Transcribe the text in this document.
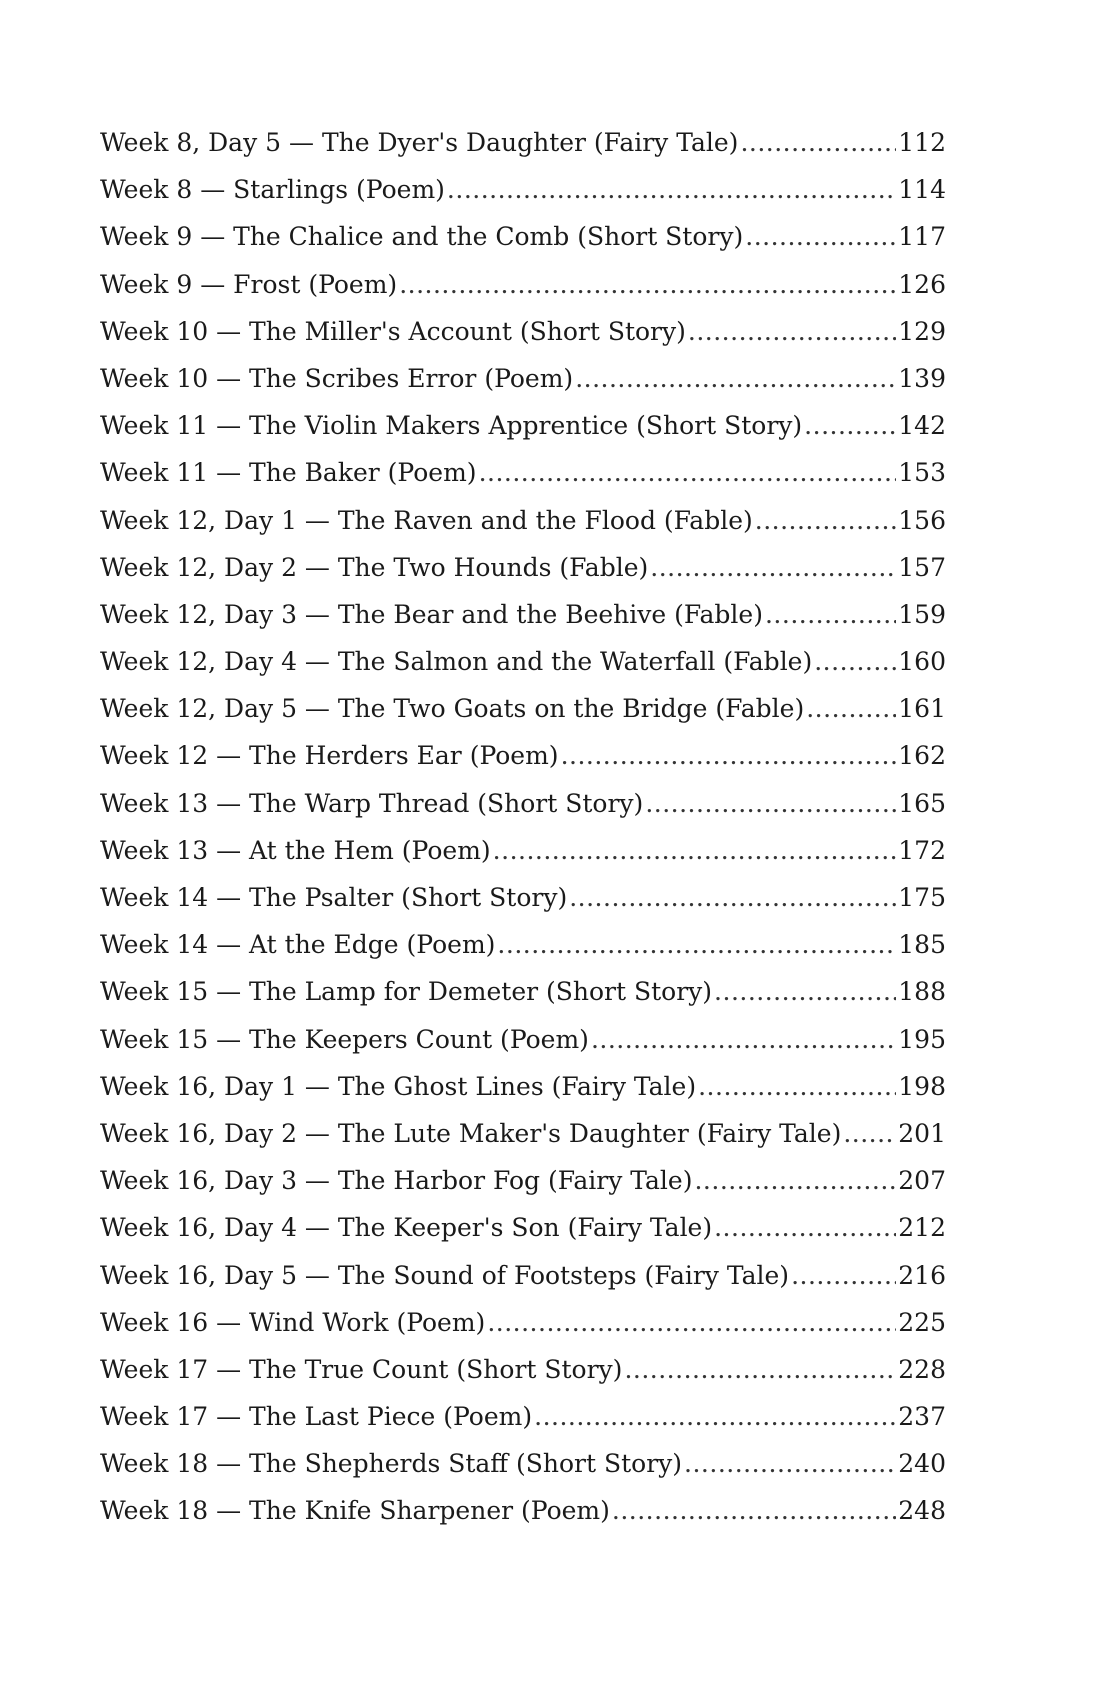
Week 8, Day 5 — The Dyer's Daughter (Fairy Tale) .....	112
Week 8 — Starlings (Poem) .....	114
Week 9 — The Chalice and the Comb (Short Story) .....	117
Week 9 — Frost (Poem) .....	126
Week 10 — The Miller's Account (Short Story) .....	129
Week 10 — The Scribes Error (Poem) .....	139
Week 11 — The Violin Makers Apprentice (Short Story) .....	142
Week 11 — The Baker (Poem) .....	153
Week 12, Day 1 — The Raven and the Flood (Fable) .....	156
Week 12, Day 2 — The Two Hounds (Fable) .....	157
Week 12, Day 3 — The Bear and the Beehive (Fable) .....	159
Week 12, Day 4 — The Salmon and the Waterfall (Fable) .....	160
Week 12, Day 5 — The Two Goats on the Bridge (Fable) .....	161
Week 12 — The Herders Ear (Poem) .....	162
Week 13 — The Warp Thread (Short Story) .....	165
Week 13 — At the Hem (Poem) .....	172
Week 14 — The Psalter (Short Story) .....	175
Week 14 — At the Edge (Poem) .....	185
Week 15 — The Lamp for Demeter (Short Story) .....	188
Week 15 — The Keepers Count (Poem) .....	195
Week 16, Day 1 — The Ghost Lines (Fairy Tale) .....	198
Week 16, Day 2 — The Lute Maker's Daughter (Fairy Tale) ..... 201
Week 16, Day 3 — The Harbor Fog (Fairy Tale) .....	207
Week 16, Day 4 — The Keeper's Son (Fairy Tale) .....	212
Week 16, Day 5 — The Sound of Footsteps (Fairy Tale) .....	216
Week 16 — Wind Work (Poem) .....	225
Week 17 — The True Count (Short Story) .....	228
Week 17 — The Last Piece (Poem) .....	237
Week 18 — The Shepherds Staff (Short Story) .....	240
Week 18 — The Knife Sharpener (Poem) .....	248
